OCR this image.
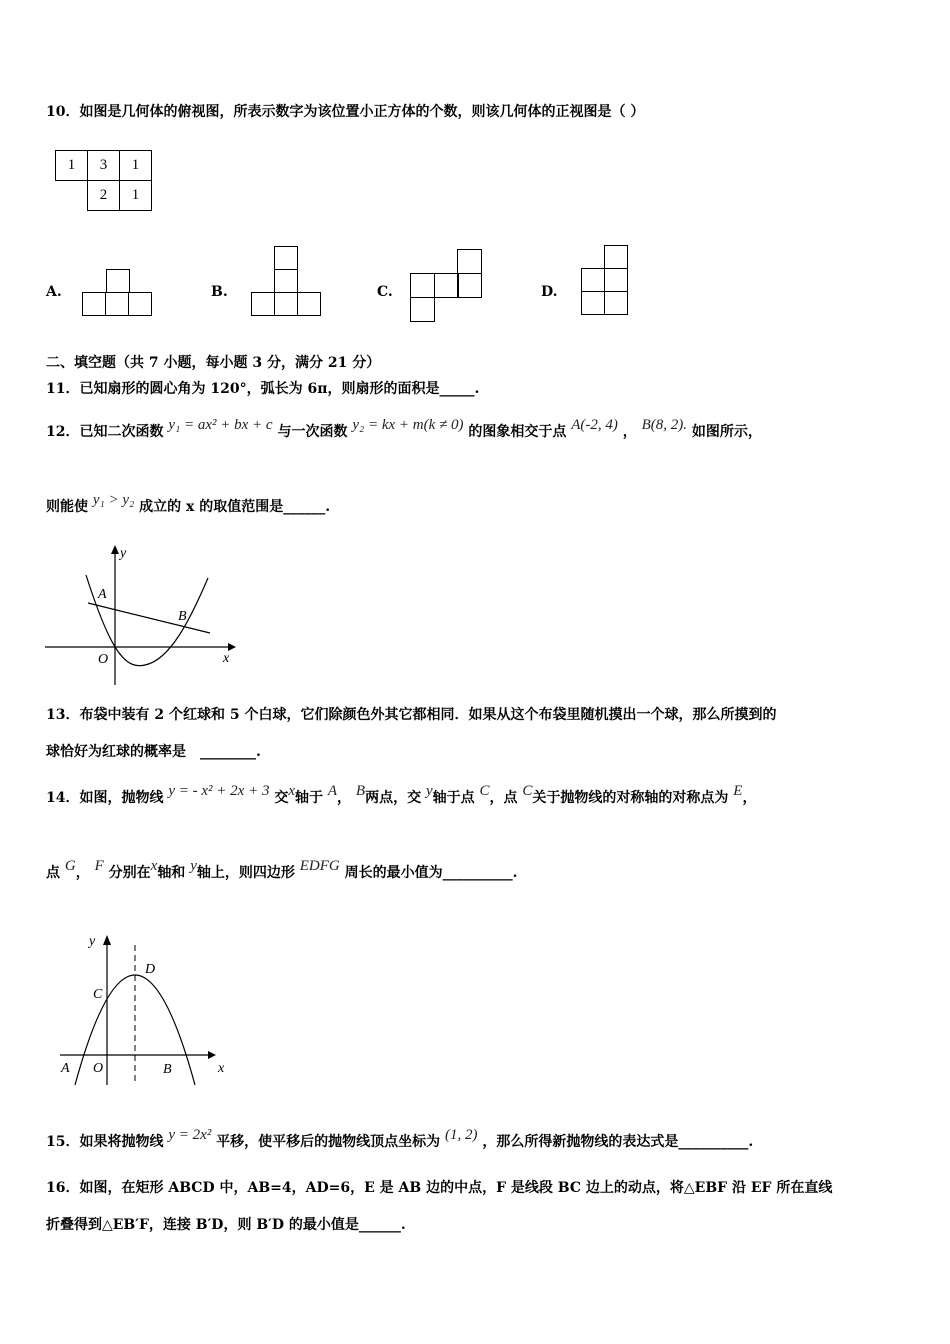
10．如图是几何体的俯视图，所表示数字为该位置小正方体的个数，则该几何体的正视图是（ ）
1	3	1
	2	1
A.	B.	C.	D.
二、填空题（共 7 小题，每小题 3 分，满分 21 分）
11．已知扇形的圆心角为 120°，弧长为 6π，则扇形的面积是_____.
12．已知二次函数 y₁ = ax² + bx + c 与一次函数 y₂ = kx + m(k ≠ 0) 的图象相交于点 A(-2, 4) ， B(8, 2). 如图所示，
则能使 y₁ > y₂ 成立的 x 的取值范围是______.
y
x
O
A
B
13．布袋中装有 2 个红球和 5 个白球，它们除颜色外其它都相同．如果从这个布袋里随机摸出一个球，那么所摸到的
球恰好为红球的概率是　________.
14．如图，抛物线 y = - x² + 2x + 3 交x轴于 A， B两点，交 y轴于点 C，点 C关于抛物线的对称轴的对称点为 E，
点 G， F 分别在x轴和 y轴上，则四边形 EDFG 周长的最小值为__________.
y
x
O
A	B
C
D
15．如果将抛物线 y = 2x² 平移，使平移后的抛物线顶点坐标为 (1, 2) ，那么所得新抛物线的表达式是__________.
16．如图，在矩形 ABCD 中，AB=4，AD=6，E 是 AB 边的中点，F 是线段 BC 边上的动点，将△EBF 沿 EF 所在直线
折叠得到△EB′F，连接 B′D，则 B′D 的最小值是______.
